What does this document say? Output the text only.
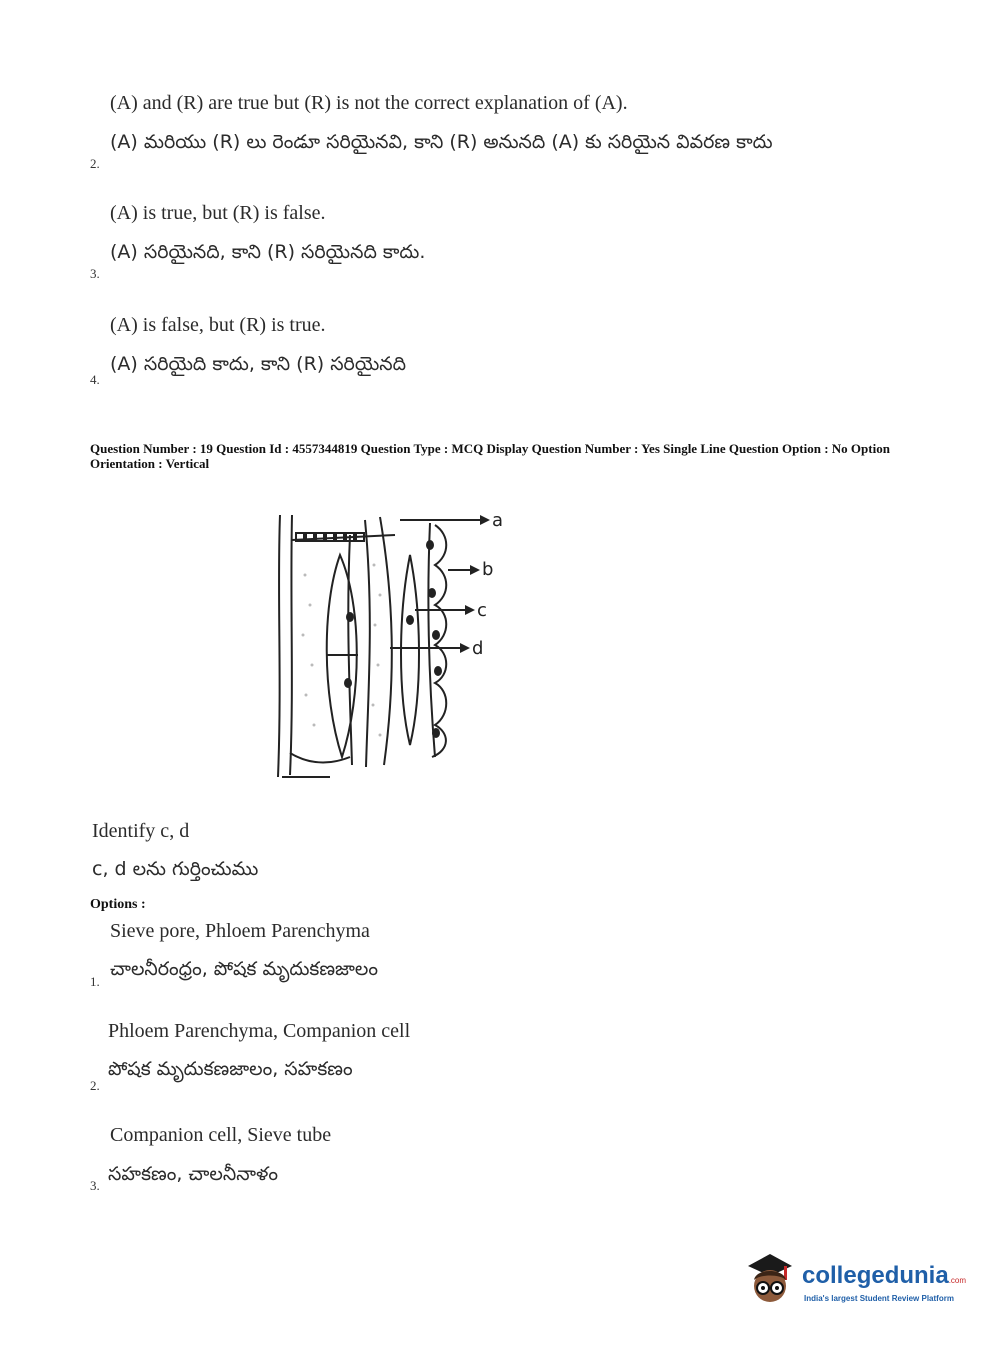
(A) and (R) are true but (R) is not the correct explanation of (A).
(A) మరియు (R) లు రెండూ సరియైనవి, కాని (R) అనునది (A) కు సరియైన వివరణ కాదు
2.
(A) is true, but (R) is false.
(A) సరియైనది, కాని (R) సరియైనది కాదు.
3.
(A) is false, but (R) is true.
(A) సరియైది కాదు, కాని (R) సరియైనది
4.
Question Number : 19 Question Id : 4557344819 Question Type : MCQ Display Question Number : Yes Single Line Question Option : No Option Orientation : Vertical
a
b
c
d
Identify c, d
c, d లను గుర్తించుము
Options :
Sieve pore, Phloem Parenchyma
చాలనీరంధ్రం, పోషక మృదుకణజాలం
1.
Phloem Parenchyma, Companion cell
పోషక మృదుకణజాలం, సహకణం
2.
Companion cell, Sieve tube
సహకణం, చాలనీనాళం
3.
collegedunia.com
India's largest Student Review Platform
